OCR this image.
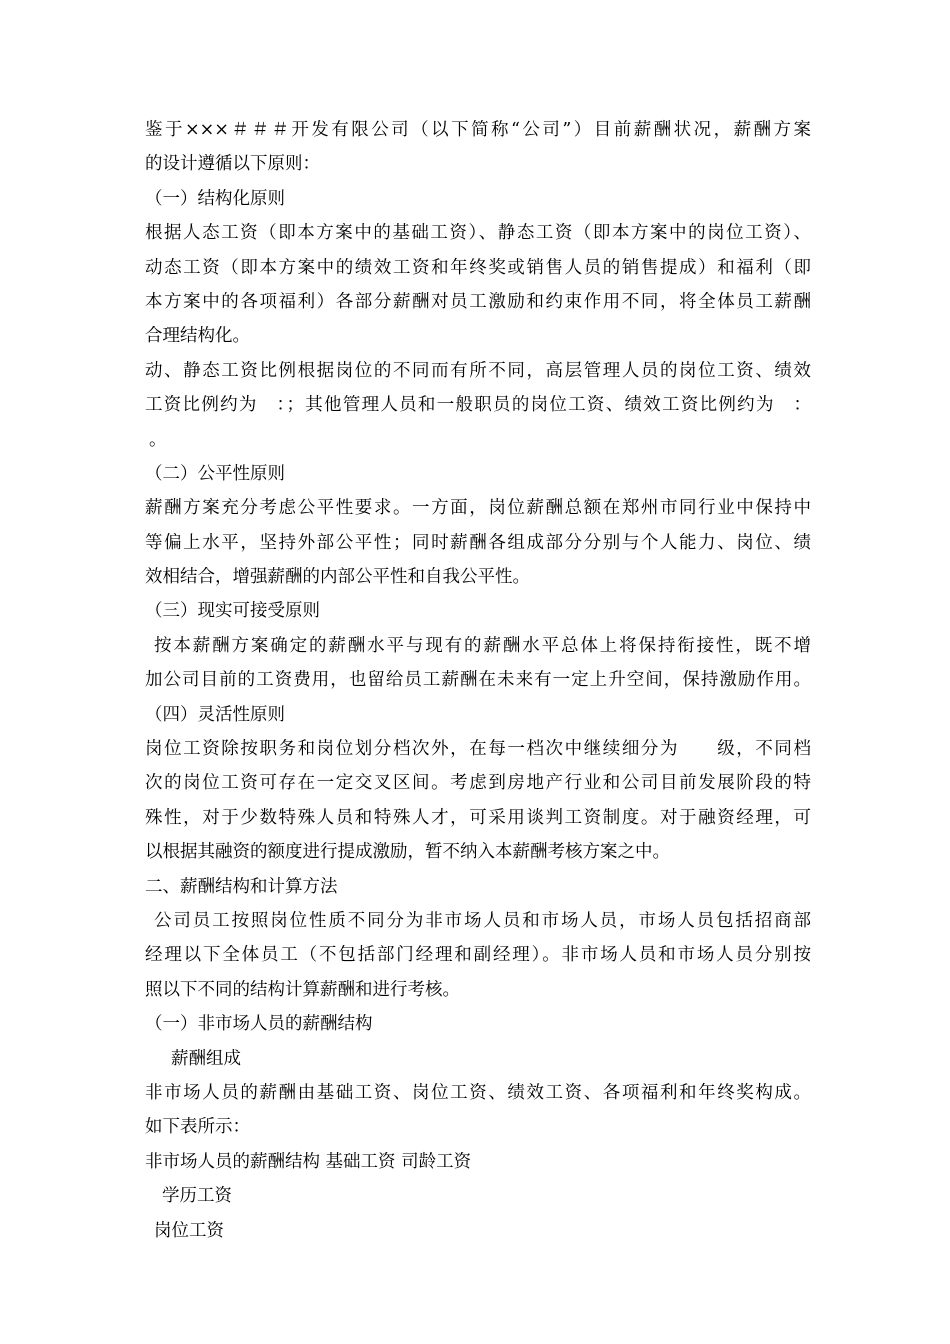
鉴于×××＃＃＃开发有限公司（以下简称“公司”）目前薪酬状况，薪酬方案
的设计遵循以下原则：
（一）结构化原则
根据人态工资（即本方案中的基础工资）、静态工资（即本方案中的岗位工资）、
动态工资（即本方案中的绩效工资和年终奖或销售人员的销售提成）和福利（即
本方案中的各项福利）各部分薪酬对员工激励和约束作用不同，将全体员工薪酬
合理结构化。
动、静态工资比例根据岗位的不同而有所不同，高层管理人员的岗位工资、绩效
工资比例约为　：；其他管理人员和一般职员的岗位工资、绩效工资比例约为　：
。
（二）公平性原则
薪酬方案充分考虑公平性要求。一方面，岗位薪酬总额在郑州市同行业中保持中
等偏上水平，坚持外部公平性；同时薪酬各组成部分分别与个人能力、岗位、绩
效相结合，增强薪酬的内部公平性和自我公平性。
（三）现实可接受原则
按本薪酬方案确定的薪酬水平与现有的薪酬水平总体上将保持衔接性，既不增
加公司目前的工资费用，也留给员工薪酬在未来有一定上升空间，保持激励作用。
（四）灵活性原则
岗位工资除按职务和岗位划分档次外，在每一档次中继续细分为　　级，不同档
次的岗位工资可存在一定交叉区间。考虑到房地产行业和公司目前发展阶段的特
殊性，对于少数特殊人员和特殊人才，可采用谈判工资制度。对于融资经理，可
以根据其融资的额度进行提成激励，暂不纳入本薪酬考核方案之中。
二、薪酬结构和计算方法
公司员工按照岗位性质不同分为非市场人员和市场人员，市场人员包括招商部
经理以下全体员工（不包括部门经理和副经理）。非市场人员和市场人员分别按
照以下不同的结构计算薪酬和进行考核。
（一）非市场人员的薪酬结构
薪酬组成
非市场人员的薪酬由基础工资、岗位工资、绩效工资、各项福利和年终奖构成。
如下表所示：
非市场人员的薪酬结构 基础工资 司龄工资
学历工资
岗位工资
